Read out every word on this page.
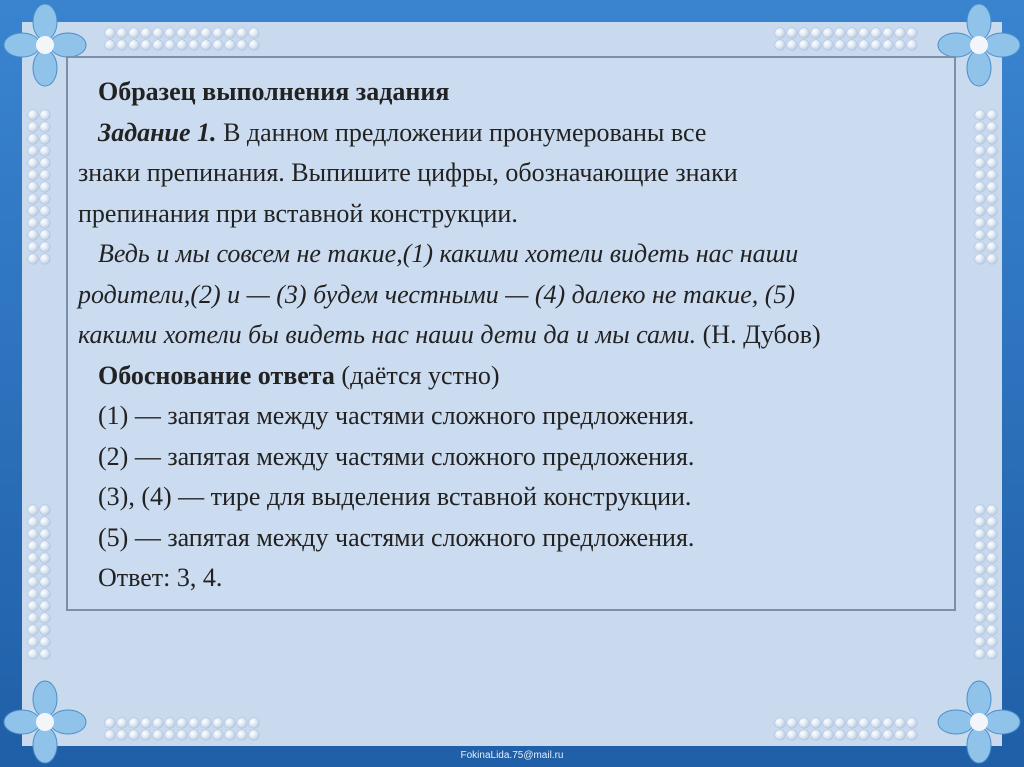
Образец выполнения задания
Задание 1. В данном предложении пронумерованы все
знаки препинания. Выпишите цифры, обозначающие знаки
препинания при вставной конструкции.
Ведь и мы совсем не такие,(1) какими хотели видеть нас наши
родители,(2) и — (3) будем честными — (4) далеко не такие, (5)
какими хотели бы видеть нас наши дети да и мы сами. (Н. Дубов)
Обоснование ответа (даётся устно)
(1) — запятая между частями сложного предложения.
(2) — запятая между частями сложного предложения.
(3), (4) — тире для выделения вставной конструкции.
(5) — запятая между частями сложного предложения.
Ответ: 3, 4.
FokinaLida.75@mail.ru
